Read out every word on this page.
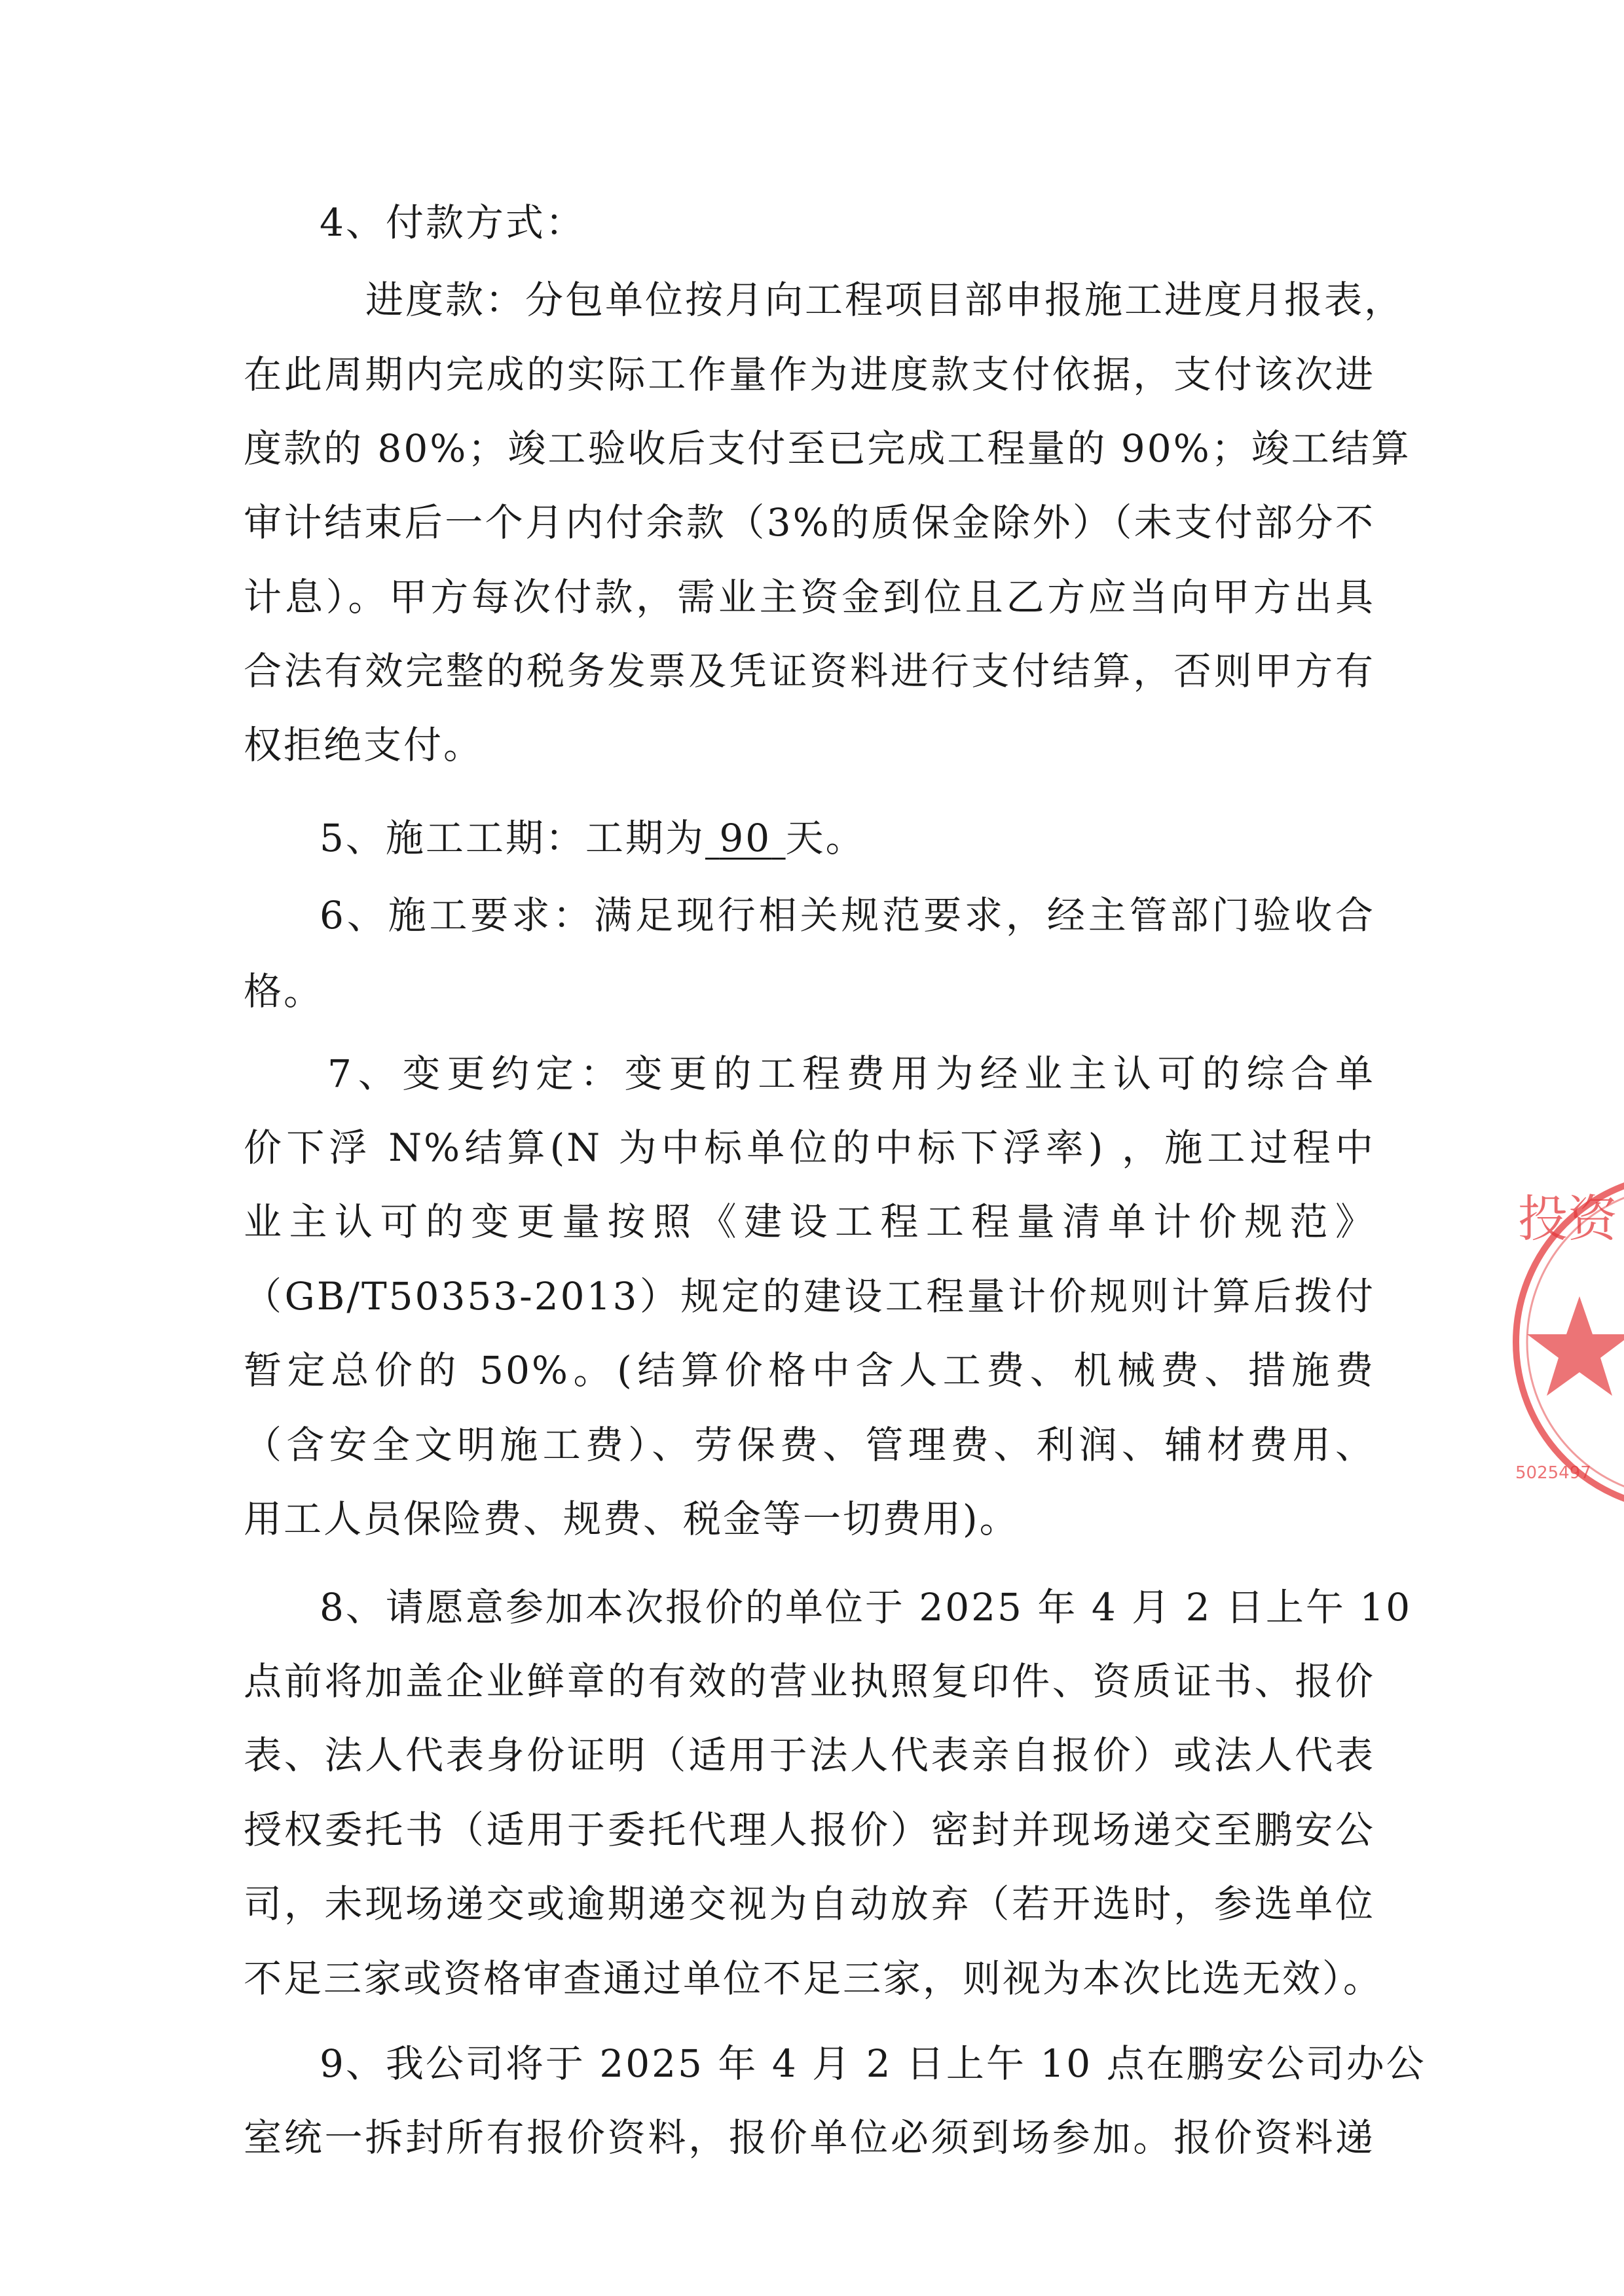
4、付款方式：
进度款：分包单位按月向工程项目部申报施工进度月报表，
在此周期内完成的实际工作量作为进度款支付依据，支付该次进
度款的 80%；竣工验收后支付至已完成工程量的 90%；竣工结算
审计结束后一个月内付余款（3%的质保金除外）（未支付部分不
计息）。甲方每次付款，需业主资金到位且乙方应当向甲方出具
合法有效完整的税务发票及凭证资料进行支付结算，否则甲方有
权拒绝支付。
5、施工工期：工期为 90 天。
6、施工要求：满足现行相关规范要求，经主管部门验收合
格。
7、变更约定：变更的工程费用为经业主认可的综合单
价下浮 N%结算(N 为中标单位的中标下浮率) ，施工过程中
业主认可的变更量按照《建设工程工程量清单计价规范》
（GB/T50353-2013）规定的建设工程量计价规则计算后拨付
暂定总价的 50%。(结算价格中含人工费、机械费、措施费
（含安全文明施工费）、劳保费、管理费、利润、辅材费用、
用工人员保险费、规费、税金等一切费用)。
8、请愿意参加本次报价的单位于 2025 年 4 月 2 日上午 10
点前将加盖企业鲜章的有效的营业执照复印件、资质证书、报价
表、法人代表身份证明（适用于法人代表亲自报价）或法人代表
授权委托书（适用于委托代理人报价）密封并现场递交至鹏安公
司，未现场递交或逾期递交视为自动放弃（若开选时，参选单位
不足三家或资格审查通过单位不足三家，则视为本次比选无效）。
9、我公司将于 2025 年 4 月 2 日上午 10 点在鹏安公司办公
室统一拆封所有报价资料，报价单位必须到场参加。报价资料递
投资
5025497
